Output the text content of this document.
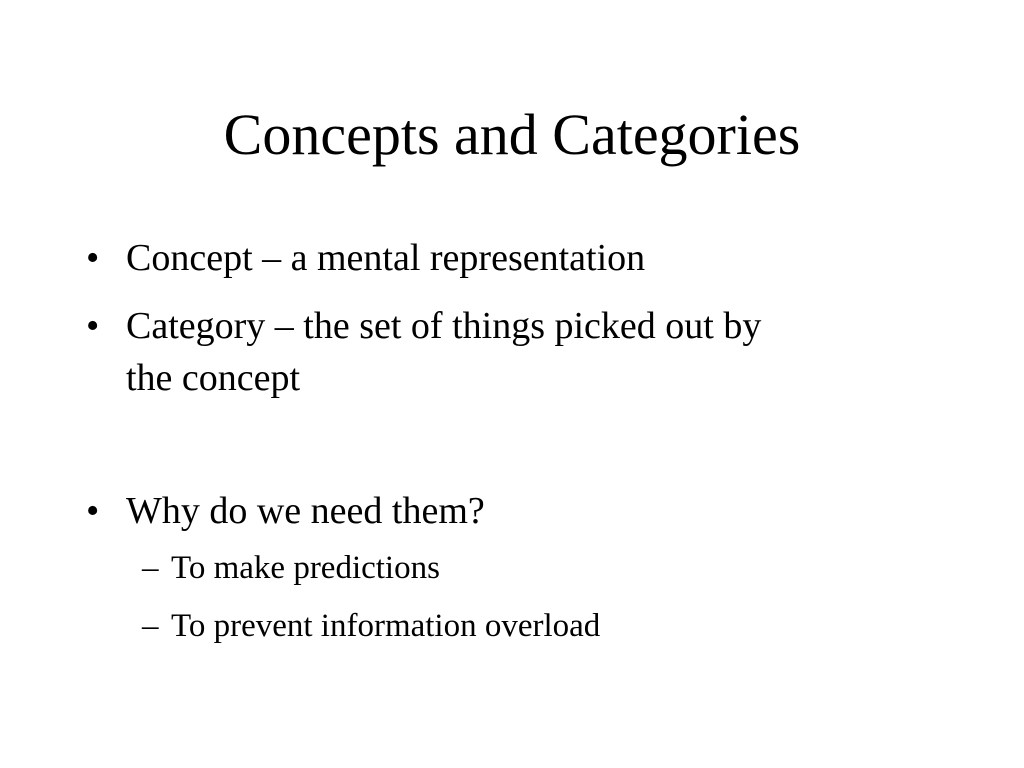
Concepts and Categories
• Concept – a mental representation
• Category – the set of things picked out by
the concept
• Why do we need them?
– To make predictions
– To prevent information overload
